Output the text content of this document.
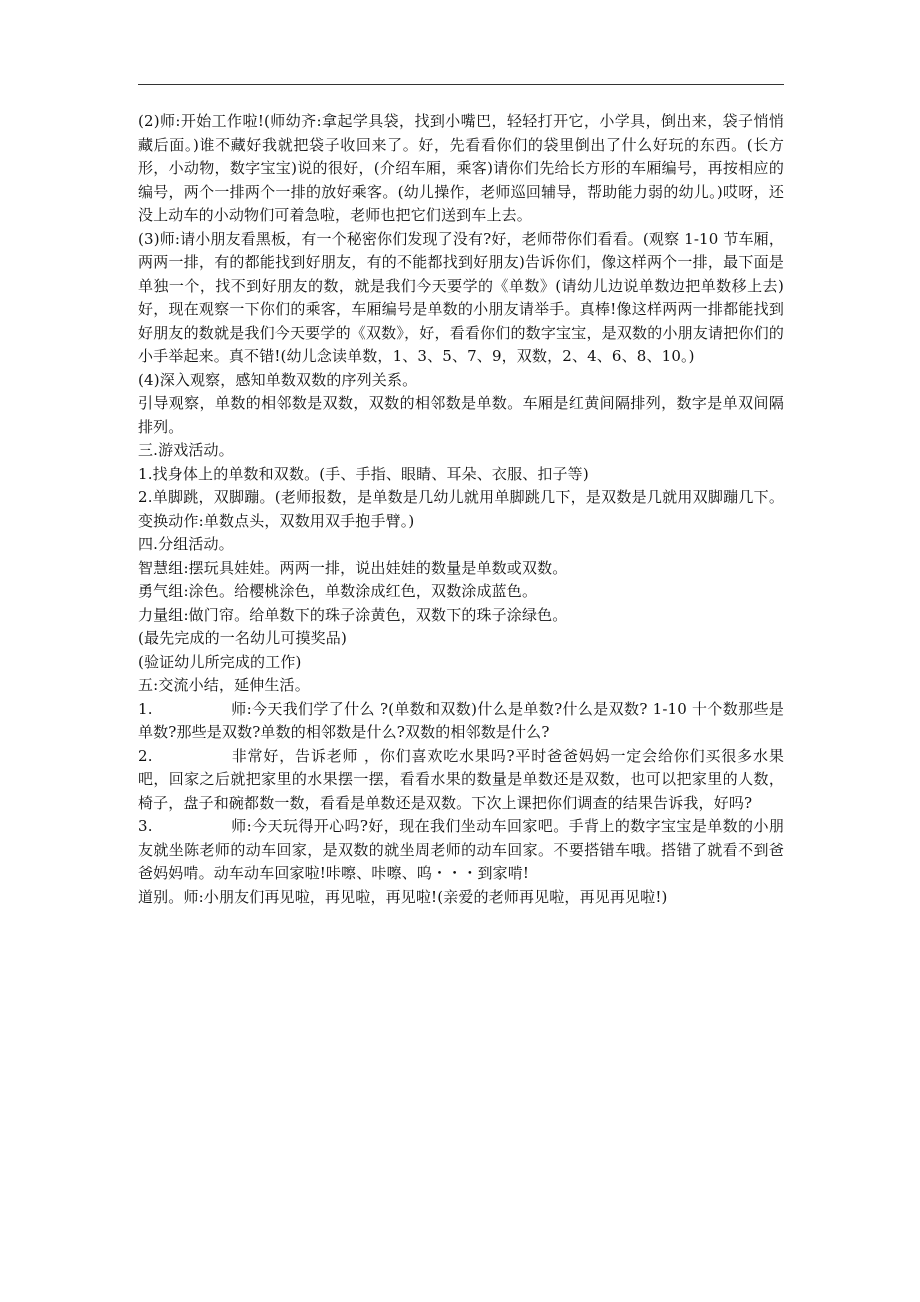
(2)师:开始工作啦!(师幼齐:拿起学具袋，找到小嘴巴，轻轻打开它，小学具，倒出来，袋子悄悄藏后面。)谁不藏好我就把袋子收回来了。好，先看看你们的袋里倒出了什么好玩的东西。(长方形，小动物，数字宝宝)说的很好，(介绍车厢，乘客)请你们先给长方形的车厢编号，再按相应的编号，两个一排两个一排的放好乘客。(幼儿操作，老师巡回辅导，帮助能力弱的幼儿。)哎呀，还没上动车的小动物们可着急啦，老师也把它们送到车上去。

(3)师:请小朋友看黑板，有一个秘密你们发现了没有?好，老师带你们看看。(观察 1-10 节车厢，两两一排，有的都能找到好朋友，有的不能都找到好朋友)告诉你们，像这样两个一排，最下面是单独一个，找不到好朋友的数，就是我们今天要学的《单数》(请幼儿边说单数边把单数移上去)好，现在观察一下你们的乘客，车厢编号是单数的小朋友请举手。真棒!像这样两两一排都能找到好朋友的数就是我们今天要学的《双数》，好，看看你们的数字宝宝，是双数的小朋友请把你们的小手举起来。真不错!(幼儿念读单数，1、3、5、7、9，双数，2、4、6、8、10。)

(4)深入观察，感知单数双数的序列关系。

引导观察，单数的相邻数是双数，双数的相邻数是单数。车厢是红黄间隔排列，数字是单双间隔排列。

三.游戏活动。

1.找身体上的单数和双数。(手、手指、眼睛、耳朵、衣服、扣子等)

2.单脚跳，双脚蹦。(老师报数，是单数是几幼儿就用单脚跳几下，是双数是几就用双脚蹦几下。变换动作:单数点头，双数用双手抱手臂。)

四.分组活动。

智慧组:摆玩具娃娃。两两一排，说出娃娃的数量是单数或双数。

勇气组:涂色。给樱桃涂色，单数涂成红色，双数涂成蓝色。

力量组:做门帘。给单数下的珠子涂黄色，双数下的珠子涂绿色。

(最先完成的一名幼儿可摸奖品)

(验证幼儿所完成的工作)

五:交流小结，延伸生活。

1.	师:今天我们学了什么 ?(单数和双数)什么是单数?什么是双数? 1-10 十个数那些是单数?那些是双数?单数的相邻数是什么?双数的相邻数是什么?

2.	非常好，告诉老师 ，你们喜欢吃水果吗?平时爸爸妈妈一定会给你们买很多水果吧，回家之后就把家里的水果摆一摆，看看水果的数量是单数还是双数，也可以把家里的人数，椅子，盘子和碗都数一数，看看是单数还是双数。下次上课把你们调查的结果告诉我，好吗?

3.	师:今天玩得开心吗?好，现在我们坐动车回家吧。手背上的数字宝宝是单数的小朋友就坐陈老师的动车回家，是双数的就坐周老师的动车回家。不要搭错车哦。搭错了就看不到爸爸妈妈啃。动车动车回家啦!咔嚓、咔嚓、呜・・・到家啃!

道别。师:小朋友们再见啦，再见啦，再见啦!(亲爱的老师再见啦，再见再见啦!)
